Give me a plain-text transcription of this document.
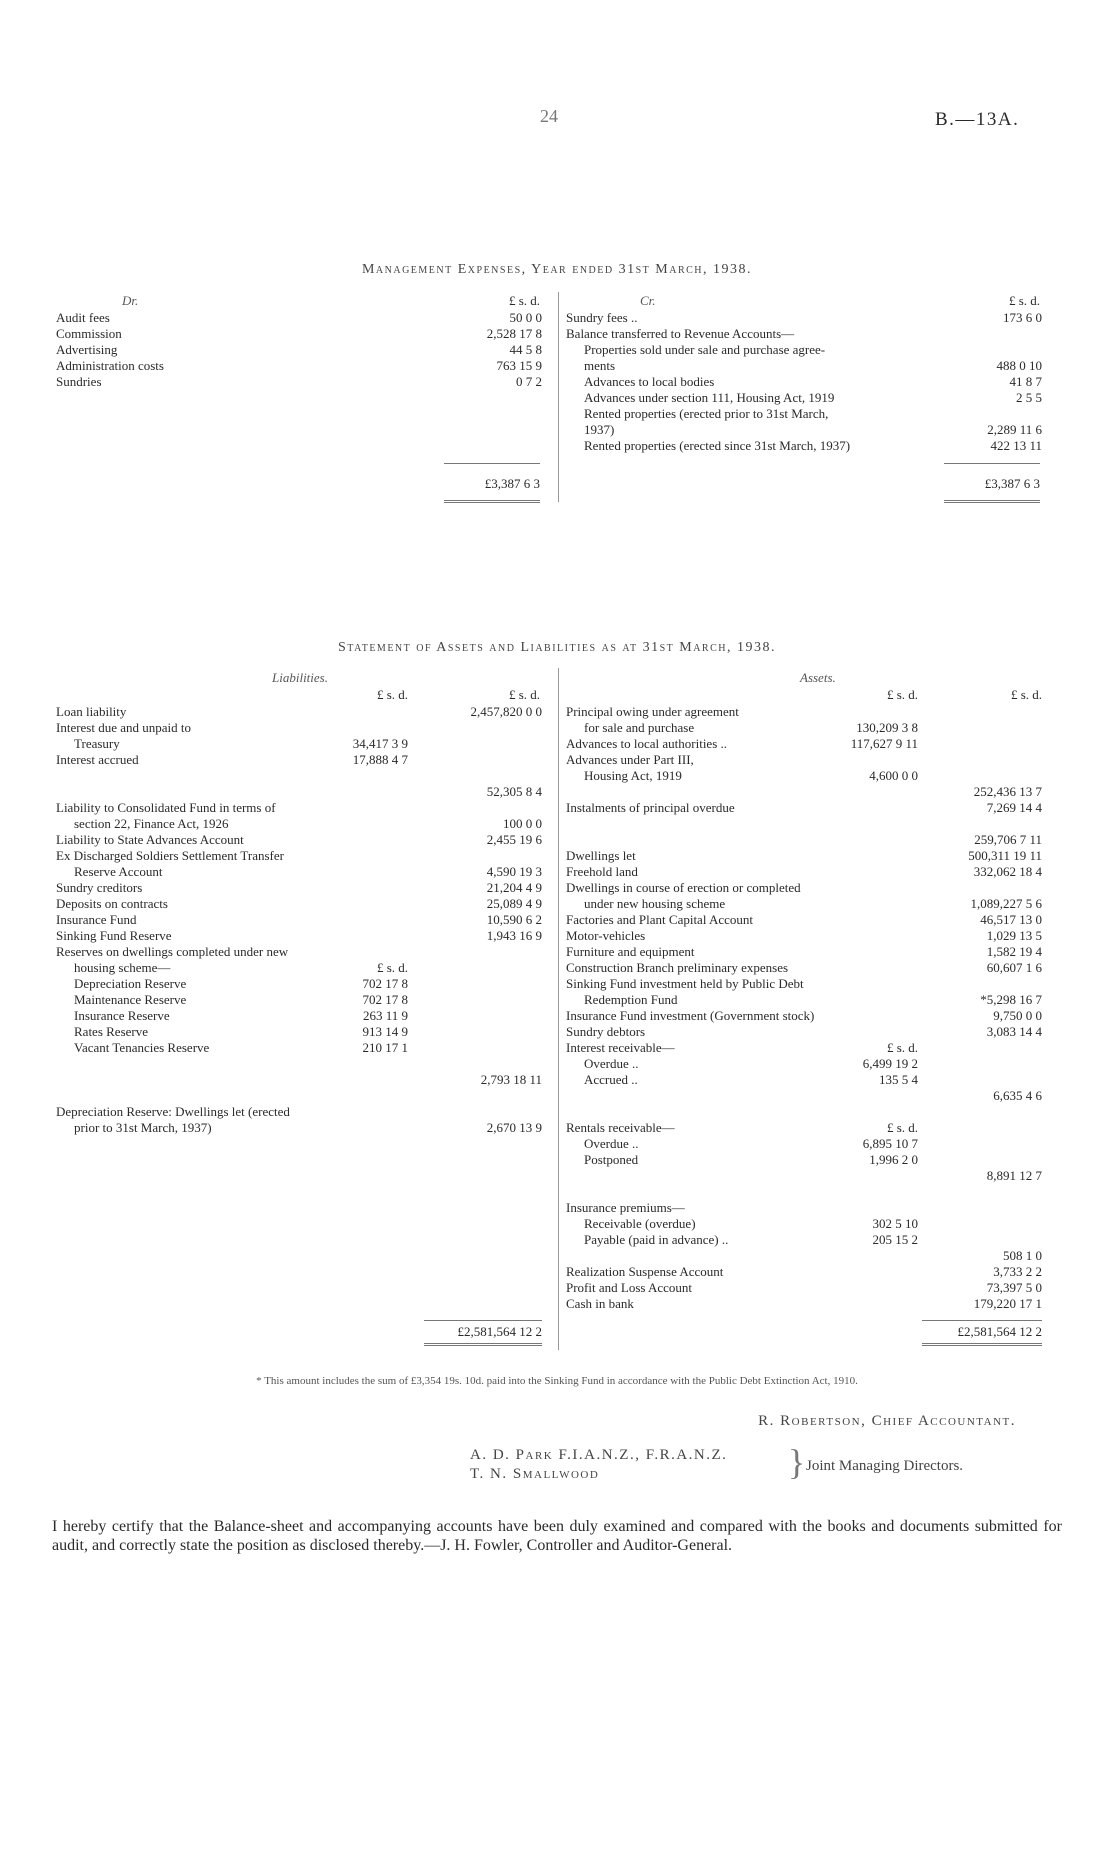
24	B.—13A.
Management Expenses, Year ended 31st March, 1938.
Dr.	£ s. d.	Cr.	£ s. d.
Audit fees	50 0 0
Commission	2,528 17 8
Advertising	44 5 8
Administration costs	763 15 9
Sundries	0 7 2
Sundry fees ..	173 6 0
Balance transferred to Revenue Accounts—
Properties sold under sale and purchase agree-
ments	488 0 10
Advances to local bodies	41 8 7
Advances under section 111, Housing Act, 1919	2 5 5
Rented properties (erected prior to 31st March,
1937)	2,289 11 6
Rented properties (erected since 31st March, 1937)	422 13 11
£3,387 6 3	£3,387 6 3
Statement of Assets and Liabilities as at 31st March, 1938.
Liabilities.	Assets.
£ s. d.	£ s. d.	£ s. d.	£ s. d.
Loan liability	2,457,820 0 0
Interest due and unpaid to
Treasury	34,417 3 9
Interest accrued	17,888 4 7
52,305 8 4
Liability to Consolidated Fund in terms of
section 22, Finance Act, 1926	100 0 0
Liability to State Advances Account	2,455 19 6
Ex Discharged Soldiers Settlement Transfer
Reserve Account	4,590 19 3
Sundry creditors	21,204 4 9
Deposits on contracts	25,089 4 9
Insurance Fund	10,590 6 2
Sinking Fund Reserve	1,943 16 9
Reserves on dwellings completed under new
housing scheme—	£ s. d.
Depreciation Reserve	702 17 8
Maintenance Reserve	702 17 8
Insurance Reserve	263 11 9
Rates Reserve	913 14 9
Vacant Tenancies Reserve	210 17 1
2,793 18 11
Depreciation Reserve: Dwellings let (erected
prior to 31st March, 1937)	2,670 13 9
Principal owing under agreement
for sale and purchase	130,209 3 8
Advances to local authorities ..	117,627 9 11
Advances under Part III,
Housing Act, 1919	4,600 0 0
252,436 13 7
Instalments of principal overdue	7,269 14 4
259,706 7 11
Dwellings let	500,311 19 11
Freehold land	332,062 18 4
Dwellings in course of erection or completed
under new housing scheme	1,089,227 5 6
Factories and Plant Capital Account	46,517 13 0
Motor-vehicles	1,029 13 5
Furniture and equipment	1,582 19 4
Construction Branch preliminary expenses	60,607 1 6
Sinking Fund investment held by Public Debt
Redemption Fund	*5,298 16 7
Insurance Fund investment (Government stock)	9,750 0 0
Sundry debtors	3,083 14 4
Interest receivable—	£ s. d.
Overdue ..	6,499 19 2
Accrued ..	135 5 4
6,635 4 6
Rentals receivable—	£ s. d.
Overdue ..	6,895 10 7
Postponed	1,996 2 0
8,891 12 7
Insurance premiums—
Receivable (overdue)	302 5 10
Payable (paid in advance) ..	205 15 2
508 1 0
Realization Suspense Account	3,733 2 2
Profit and Loss Account	73,397 5 0
Cash in bank	179,220 17 1
£2,581,564 12 2	£2,581,564 12 2
* This amount includes the sum of £3,354 19s. 10d. paid into the Sinking Fund in accordance with the Public Debt Extinction Act, 1910.
R. Robertson, Chief Accountant.
A. D. Park F.I.A.N.Z., F.R.A.N.Z.
T. N. Smallwood	} Joint Managing Directors.
I hereby certify that the Balance-sheet and accompanying accounts have been duly examined and compared with the books and documents submitted for audit, and correctly state the position as disclosed thereby.—J. H. Fowler, Controller and Auditor-General.
